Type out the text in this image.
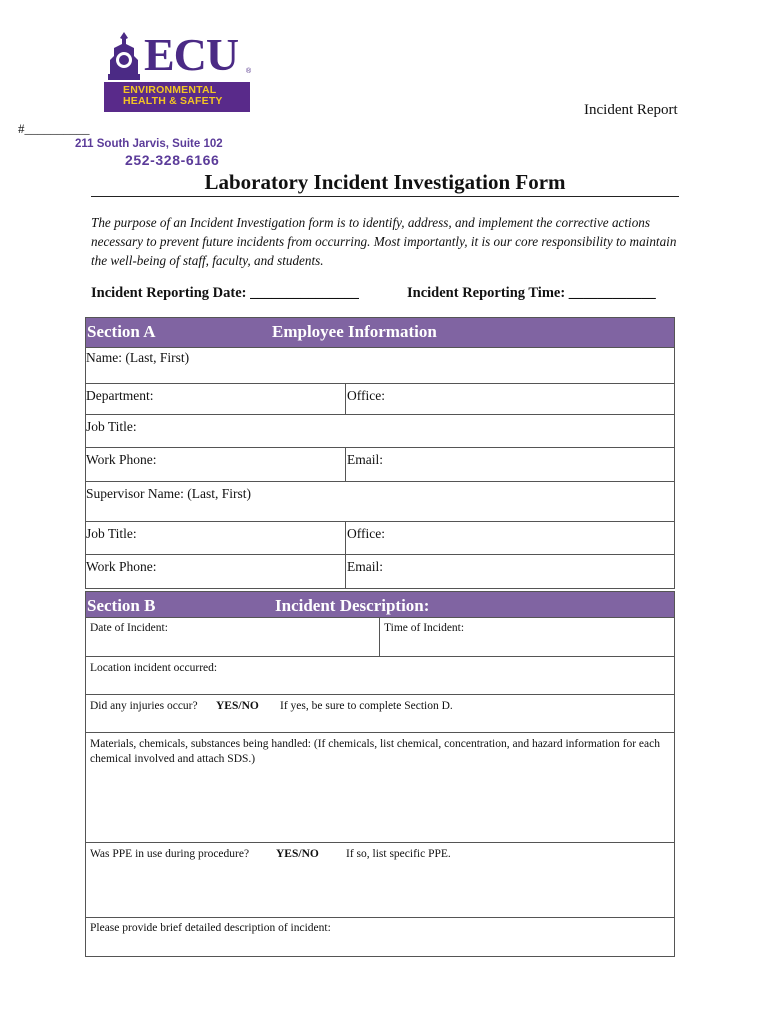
ECU ®
ENVIRONMENTAL
HEALTH & SAFETY
Incident Report
#__________
211 South Jarvis, Suite 102
252-328-6166
Laboratory Incident Investigation Form
The purpose of an Incident Investigation form is to identify, address, and implement the corrective actions necessary to prevent future incidents from occurring. Most importantly, it is our core responsibility to maintain the well-being of staff, faculty, and students.
Incident Reporting Date: _______________	Incident Reporting Time: ____________
Section A	Employee Information
Name: (Last, First)
Department:	Office:
Job Title:
Work Phone:	Email:
Supervisor Name: (Last, First)
Job Title:	Office:
Work Phone:	Email:
Section B	Incident Description:
Date of Incident:	Time of Incident:
Location incident occurred:
Did any injuries occur? YES/NO If yes, be sure to complete Section D.
Materials, chemicals, substances being handled: (If chemicals, list chemical, concentration, and hazard information for each chemical involved and attach SDS.)
Was PPE in use during procedure? YES/NO If so, list specific PPE.
Please provide brief detailed description of incident:
